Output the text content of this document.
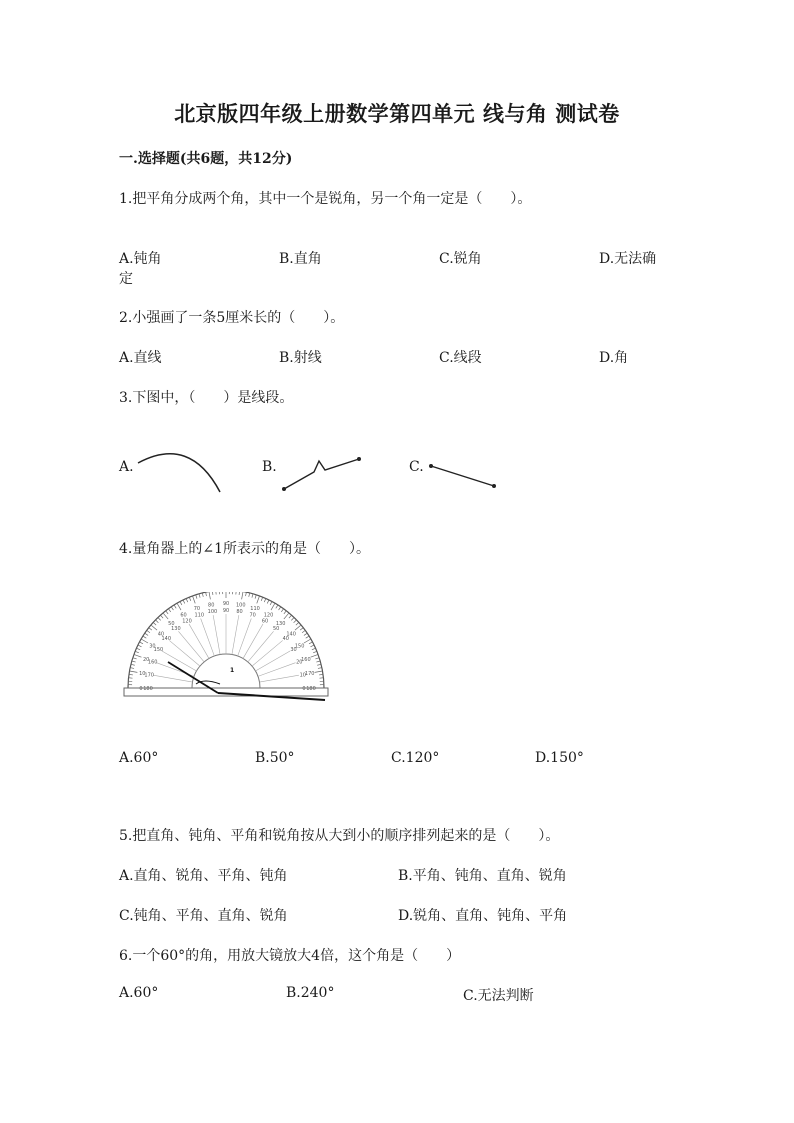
北京版四年级上册数学第四单元 线与角 测试卷
一.选择题(共6题，共12分)
1.把平角分成两个角，其中一个是锐角，另一个角一定是（　　）。
A.钝角	B.直角	C.锐角	D.无法确
定
2.小强画了一条5厘米长的（　　）。
A.直线	B.射线	C.线段	D.角
3.下图中，（　　）是线段。
A.	B.	C.
4.量角器上的∠1所表示的角是（　　）。
180
0
170
10
160
20
150
30
140
40
130
50
120
60
110
70
100
80
90
90
80
100
70
110
60
120
50
130
40
140
30
150
20
160
10
170
0 180
1
A.60°	B.50°	C.120°	D.150°
5.把直角、钝角、平角和锐角按从大到小的顺序排列起来的是（　　）。
A.直角、锐角、平角、钝角	B.平角、钝角、直角、锐角
C.钝角、平角、直角、锐角	D.锐角、直角、钝角、平角
6.一个60°的角，用放大镜放大4倍，这个角是（　　）
A.60°	B.240°	C.无法判断
